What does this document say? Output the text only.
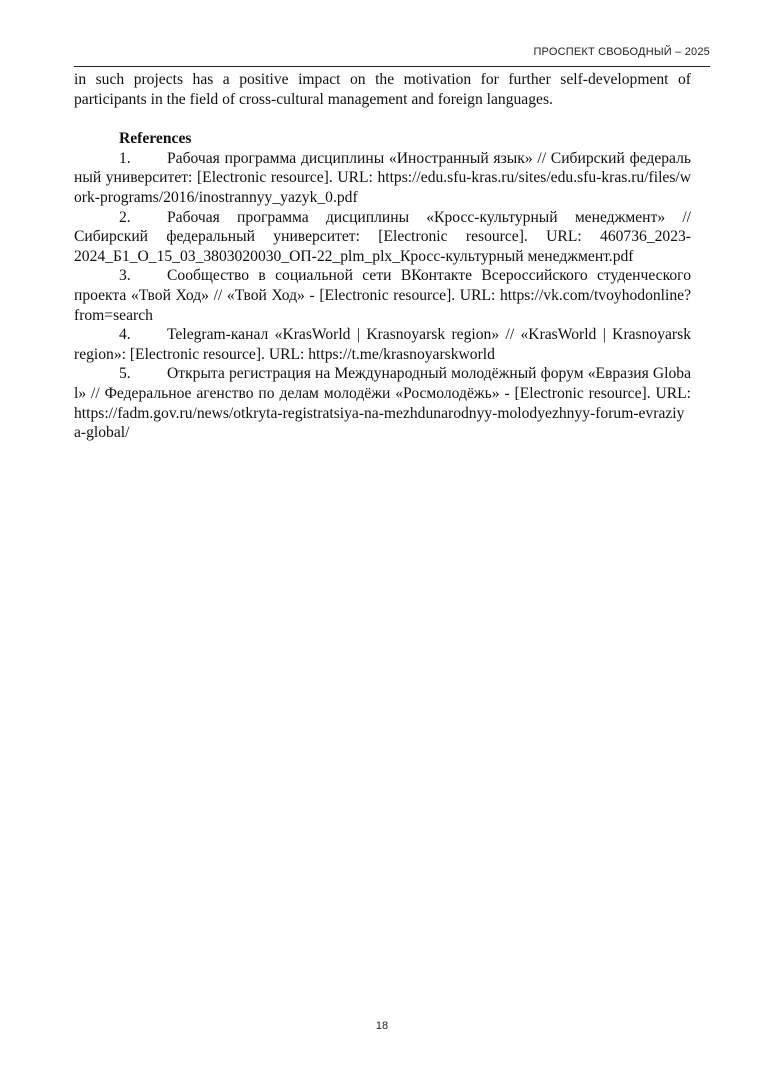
ПРОСПЕКТ СВОБОДНЫЙ – 2025

in such projects has a positive impact on the motivation for further self-development of participants in the field of cross-cultural management and foreign languages.

References

1. Рабочая программа дисциплины «Иностранный язык» // Сибирский федеральный университет: [Electronic resource]. URL: https://edu.sfu-kras.ru/sites/edu.sfu-kras.ru/files/work-programs/2016/inostrannyy_yazyk_0.pdf

2. Рабочая программа дисциплины «Кросс-культурный менеджмент» // Сибирский федеральный университет: [Electronic resource]. URL: 460736_2023-2024_Б1_О_15_03_3803020030_ОП-22_plm_plx_Кросс-культурный менеджмент.pdf

3. Сообщество в социальной сети ВКонтакте Всероссийского студенческого проекта «Твой Ход» // «Твой Ход» - [Electronic resource]. URL: https://vk.com/tvoyhodonline?from=search

4. Telegram-канал «KrasWorld | Krasnoyarsk region» // «KrasWorld | Krasnoyarsk region»: [Electronic resource]. URL: https://t.me/krasnoyarskworld

5. Открыта регистрация на Международный молодёжный форум «Евразия Global» // Федеральное агенство по делам молодёжи «Росмолодёжь» - [Electronic resource]. URL: https://fadm.gov.ru/news/otkryta-registratsiya-na-mezhdunarodnyy-molodyezhnyy-forum-evraziya-global/

18
